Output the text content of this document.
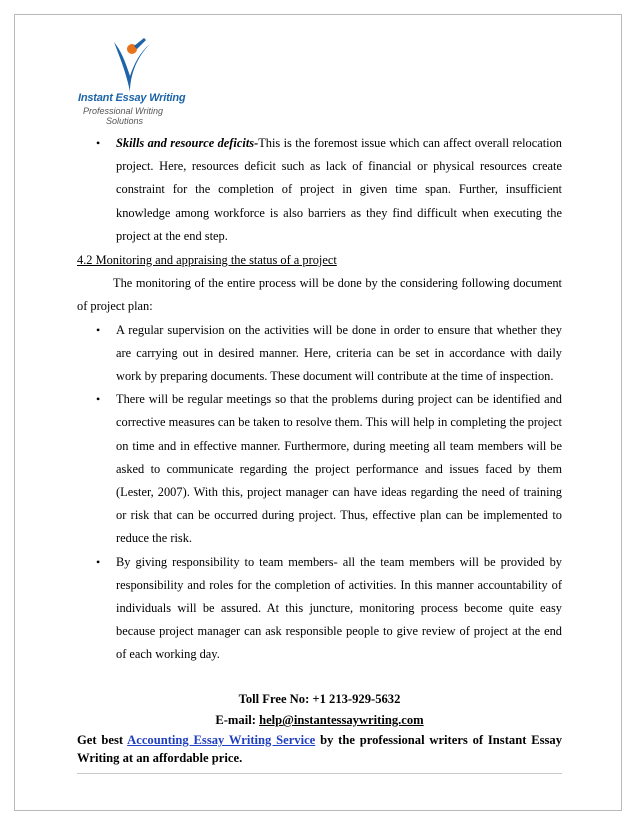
Instant Essay Writing
Professional Writing
Solutions
• Skills and resource deficits-This is the foremost issue which can affect overall relocation project. Here, resources deficit such as lack of financial or physical resources create constraint for the completion of project in given time span. Further, insufficient knowledge among workforce is also barriers as they find difficult when executing the project at the end step.

4.2 Monitoring and appraising the status of a project

The monitoring of the entire process will be done by the considering following document of project plan:

• A regular supervision on the activities will be done in order to ensure that whether they are carrying out in desired manner. Here, criteria can be set in accordance with daily work by preparing documents. These document will contribute at the time of inspection.
• There will be regular meetings so that the problems during project can be identified and corrective measures can be taken to resolve them. This will help in completing the project on time and in effective manner. Furthermore, during meeting all team members will be asked to communicate regarding the project performance and issues faced by them (Lester, 2007). With this, project manager can have ideas regarding the need of training or risk that can be occurred during project. Thus, effective plan can be implemented to reduce the risk.
• By giving responsibility to team members- all the team members will be provided by responsibility and roles for the completion of activities. In this manner accountability of individuals will be assured. At this juncture, monitoring process become quite easy because project manager can ask responsible people to give review of project at the end of each working day.
Toll Free No: +1 213-929-5632
E-mail: help@instantessaywriting.com
Get best Accounting Essay Writing Service by the professional writers of Instant Essay Writing at an affordable price.
